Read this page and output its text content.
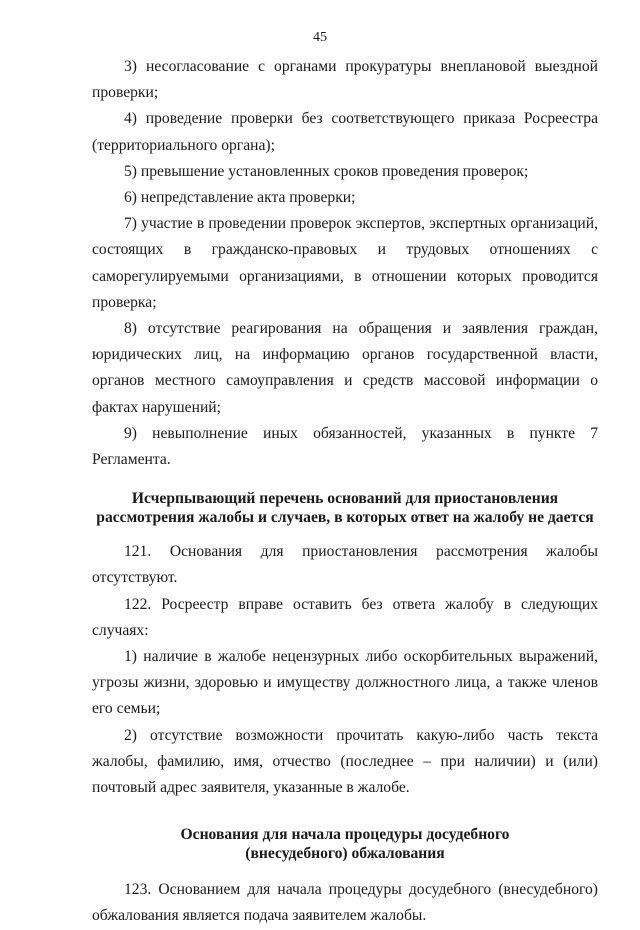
45

3) несогласование с органами прокуратуры внеплановой выездной проверки;

4) проведение проверки без соответствующего приказа Росреестра (территориального органа);

5) превышение установленных сроков проведения проверок;

6) непредставление акта проверки;

7) участие в проведении проверок экспертов, экспертных организаций, состоящих в гражданско-правовых и трудовых отношениях с саморегулируемыми организациями, в отношении которых проводится проверка;

8) отсутствие реагирования на обращения и заявления граждан, юридических лиц, на информацию органов государственной власти, органов местного самоуправления и средств массовой информации о фактах нарушений;

9) невыполнение иных обязанностей, указанных в пункте 7 Регламента.

Исчерпывающий перечень оснований для приостановления
рассмотрения жалобы и случаев, в которых ответ на жалобу не дается

121. Основания для приостановления рассмотрения жалобы отсутствуют.

122. Росреестр вправе оставить без ответа жалобу в следующих случаях:

1) наличие в жалобе нецензурных либо оскорбительных выражений, угрозы жизни, здоровью и имуществу должностного лица, а также членов его семьи;

2) отсутствие возможности прочитать какую-либо часть текста жалобы, фамилию, имя, отчество (последнее – при наличии) и (или) почтовый адрес заявителя, указанные в жалобе.

Основания для начала процедуры досудебного
(внесудебного) обжалования

123. Основанием для начала процедуры досудебного (внесудебного) обжалования является подача заявителем жалобы.
